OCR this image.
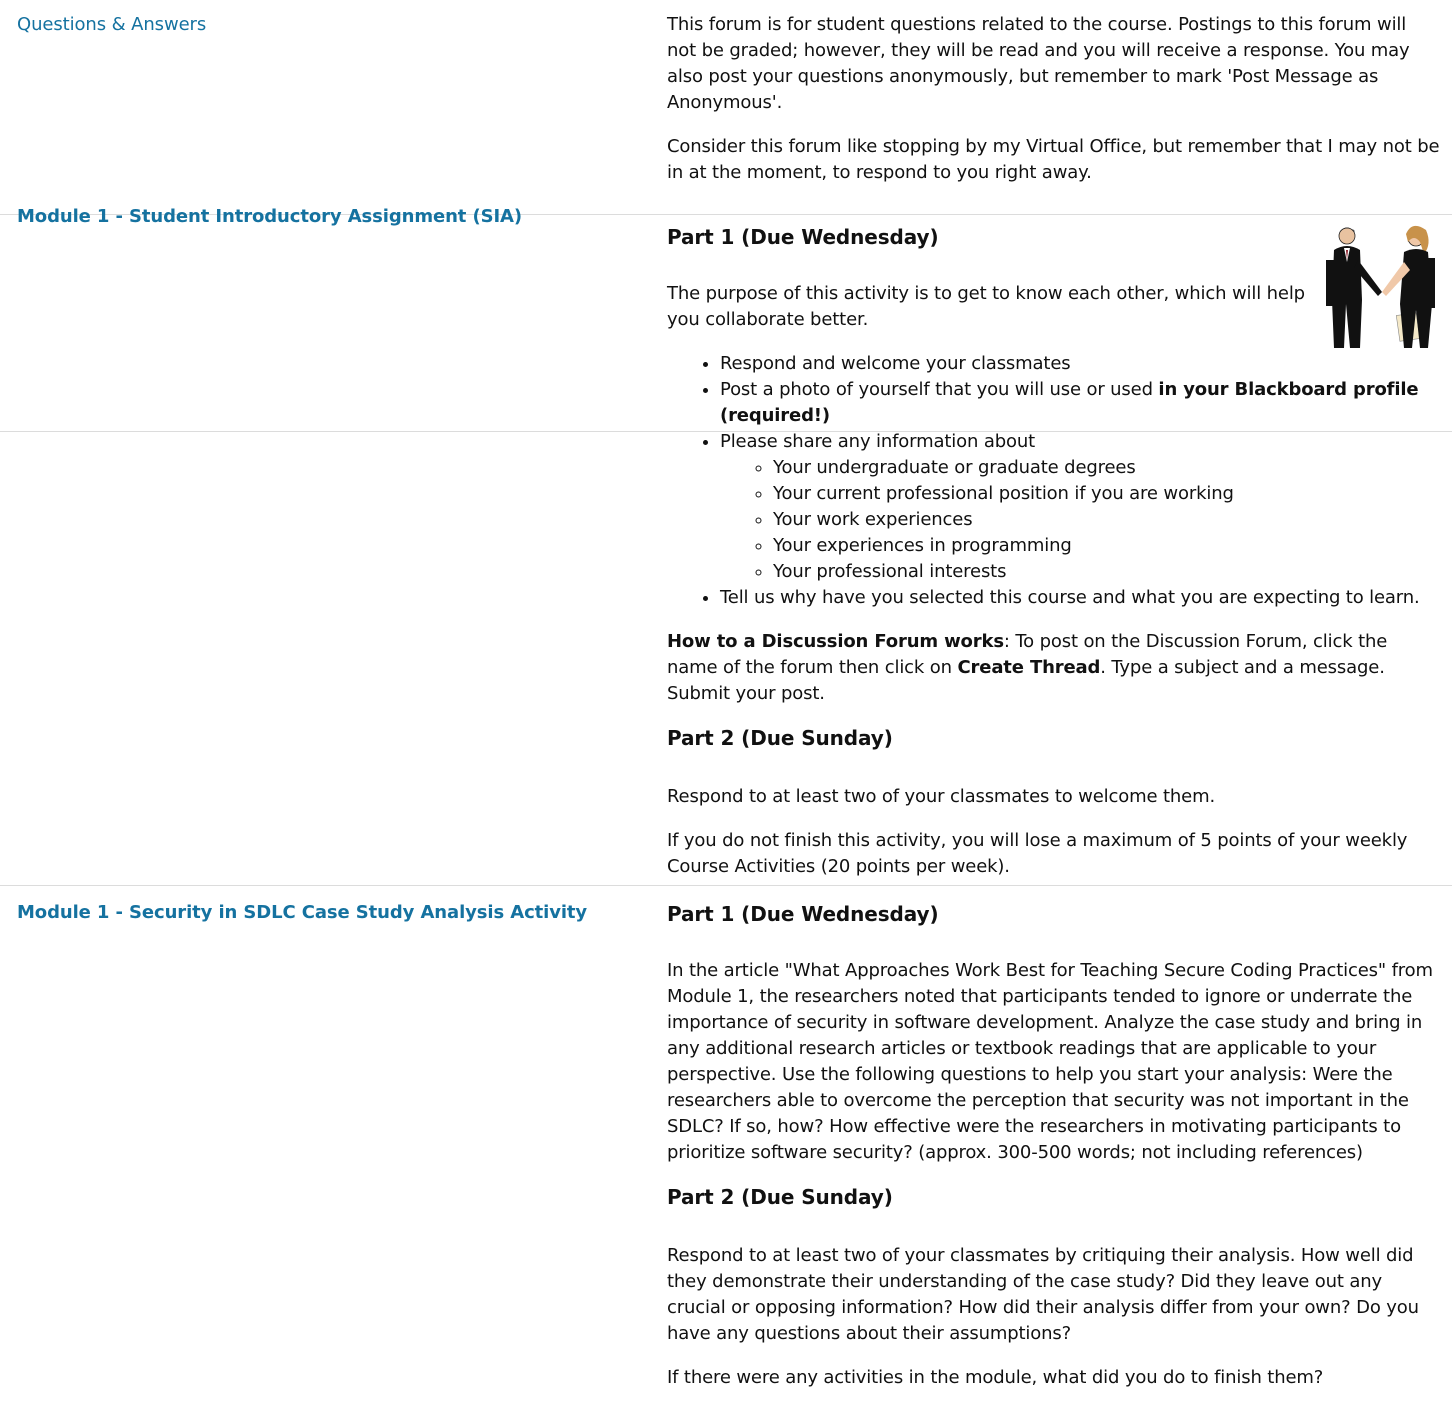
Questions & Answers	This forum is for student questions related to the course. Postings to this forum will not be graded; however, they will be read and you will receive a response. You may also post your questions anonymously, but remember to mark 'Post Message as Anonymous'.

Consider this forum like stopping by my Virtual Office, but remember that I may not be in at the moment, to respond to you right away.

Module 1 - Student Introductory Assignment (SIA)
Part 1 (Due Wednesday)

The purpose of this activity is to get to know each other, which will help you collaborate better.

• Respond and welcome your classmates
• Post a photo of yourself that you will use or used in your Blackboard profile (required!)
• Please share any information about
◦ Your undergraduate or graduate degrees
◦ Your current professional position if you are working
◦ Your work experiences
◦ Your experiences in programming
◦ Your professional interests
• Tell us why have you selected this course and what you are expecting to learn.

How to a Discussion Forum works: To post on the Discussion Forum, click the name of the forum then click on Create Thread. Type a subject and a message. Submit your post.

Part 2 (Due Sunday)

Respond to at least two of your classmates to welcome them.

If you do not finish this activity, you will lose a maximum of 5 points of your weekly Course Activities (20 points per week).

Module 1 - Security in SDLC Case Study Analysis Activity	Part 1 (Due Wednesday)

In the article "What Approaches Work Best for Teaching Secure Coding Practices" from Module 1, the researchers noted that participants tended to ignore or underrate the importance of security in software development. Analyze the case study and bring in any additional research articles or textbook readings that are applicable to your perspective. Use the following questions to help you start your analysis: Were the researchers able to overcome the perception that security was not important in the SDLC? If so, how? How effective were the researchers in motivating participants to prioritize software security? (approx. 300-500 words; not including references)

Part 2 (Due Sunday)

Respond to at least two of your classmates by critiquing their analysis. How well did they demonstrate their understanding of the case study? Did they leave out any crucial or opposing information? How did their analysis differ from your own? Do you have any questions about their assumptions?

If there were any activities in the module, what did you do to finish them?
